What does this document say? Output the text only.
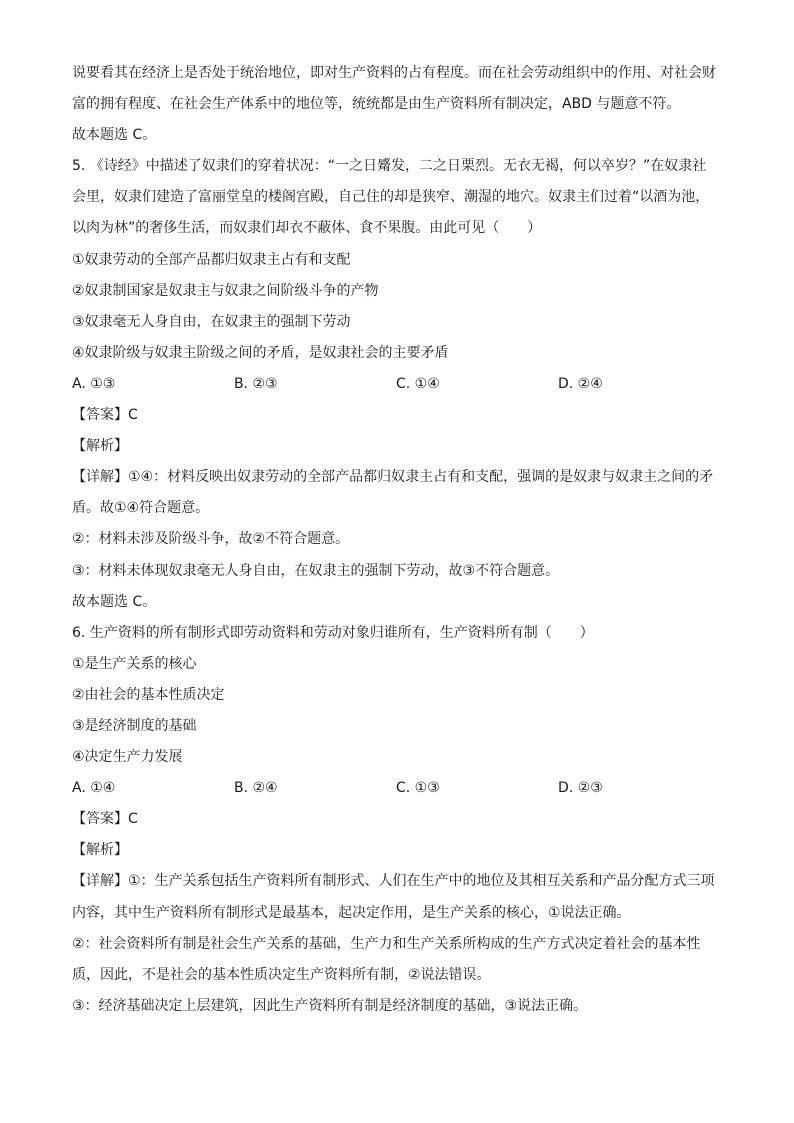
说要看其在经济上是否处于统治地位，即对生产资料的占有程度。而在社会劳动组织中的作用、对社会财
富的拥有程度、在社会生产体系中的地位等，统统都是由生产资料所有制决定，ABD 与题意不符。
故本题选 C。
5. 《诗经》中描述了奴隶们的穿着状况：“一之日觱发，二之日栗烈。无衣无褐，何以卒岁？”在奴隶社
会里，奴隶们建造了富丽堂皇的楼阁宫殿，自己住的却是狭窄、潮湿的地穴。奴隶主们过着“以酒为池，
以肉为林”的奢侈生活，而奴隶们却衣不蔽体、食不果腹。由此可见（　　）
①奴隶劳动的全部产品都归奴隶主占有和支配
②奴隶制国家是奴隶主与奴隶之间阶级斗争的产物
③奴隶毫无人身自由，在奴隶主的强制下劳动
④奴隶阶级与奴隶主阶级之间的矛盾，是奴隶社会的主要矛盾
A. ①③	B. ②③	C. ①④	D. ②④
【答案】C
【解析】
【详解】①④：材料反映出奴隶劳动的全部产品都归奴隶主占有和支配，强调的是奴隶与奴隶主之间的矛
盾。故①④符合题意。
②：材料未涉及阶级斗争，故②不符合题意。
③：材料未体现奴隶毫无人身自由，在奴隶主的强制下劳动，故③不符合题意。
故本题选 C。
6. 生产资料的所有制形式即劳动资料和劳动对象归谁所有，生产资料所有制（　　）
①是生产关系的核心
②由社会的基本性质决定
③是经济制度的基础
④决定生产力发展
A. ①④	B. ②④	C. ①③	D. ②③
【答案】C
【解析】
【详解】①：生产关系包括生产资料所有制形式、人们在生产中的地位及其相互关系和产品分配方式三项
内容，其中生产资料所有制形式是最基本，起决定作用，是生产关系的核心，①说法正确。
②：社会资料所有制是社会生产关系的基础，生产力和生产关系所构成的生产方式决定着社会的基本性
质，因此，不是社会的基本性质决定生产资料所有制，②说法错误。
③：经济基础决定上层建筑，因此生产资料所有制是经济制度的基础，③说法正确。
